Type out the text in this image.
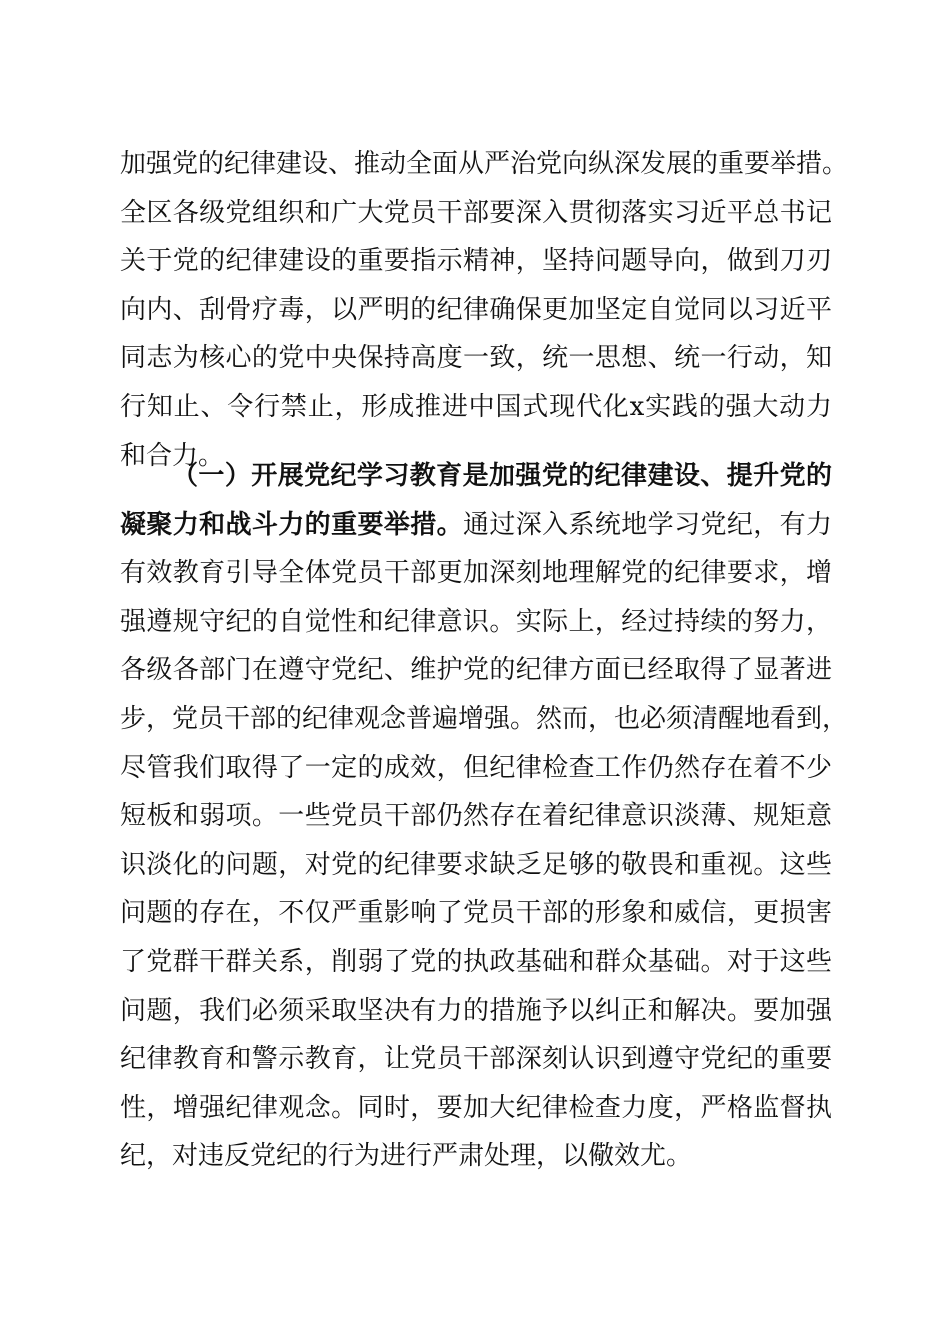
加强党的纪律建设、推动全面从严治党向纵深发展的重要举措。
全区各级党组织和广大党员干部要深入贯彻落实习近平总书记
关于党的纪律建设的重要指示精神，坚持问题导向，做到刀刃
向内、刮骨疗毒，以严明的纪律确保更加坚定自觉同以习近平
同志为核心的党中央保持高度一致，统一思想、统一行动，知
行知止、令行禁止，形成推进中国式现代化x实践的强大动力
和合力。
（一）开展党纪学习教育是加强党的纪律建设、提升党的
凝聚力和战斗力的重要举措。通过深入系统地学习党纪，有力
有效教育引导全体党员干部更加深刻地理解党的纪律要求，增
强遵规守纪的自觉性和纪律意识。实际上，经过持续的努力，
各级各部门在遵守党纪、维护党的纪律方面已经取得了显著进
步，党员干部的纪律观念普遍增强。然而，也必须清醒地看到，
尽管我们取得了一定的成效，但纪律检查工作仍然存在着不少
短板和弱项。一些党员干部仍然存在着纪律意识淡薄、规矩意
识淡化的问题，对党的纪律要求缺乏足够的敬畏和重视。这些
问题的存在，不仅严重影响了党员干部的形象和威信，更损害
了党群干群关系，削弱了党的执政基础和群众基础。对于这些
问题，我们必须采取坚决有力的措施予以纠正和解决。要加强
纪律教育和警示教育，让党员干部深刻认识到遵守党纪的重要
性，增强纪律观念。同时，要加大纪律检查力度，严格监督执
纪，对违反党纪的行为进行严肃处理，以儆效尤。
